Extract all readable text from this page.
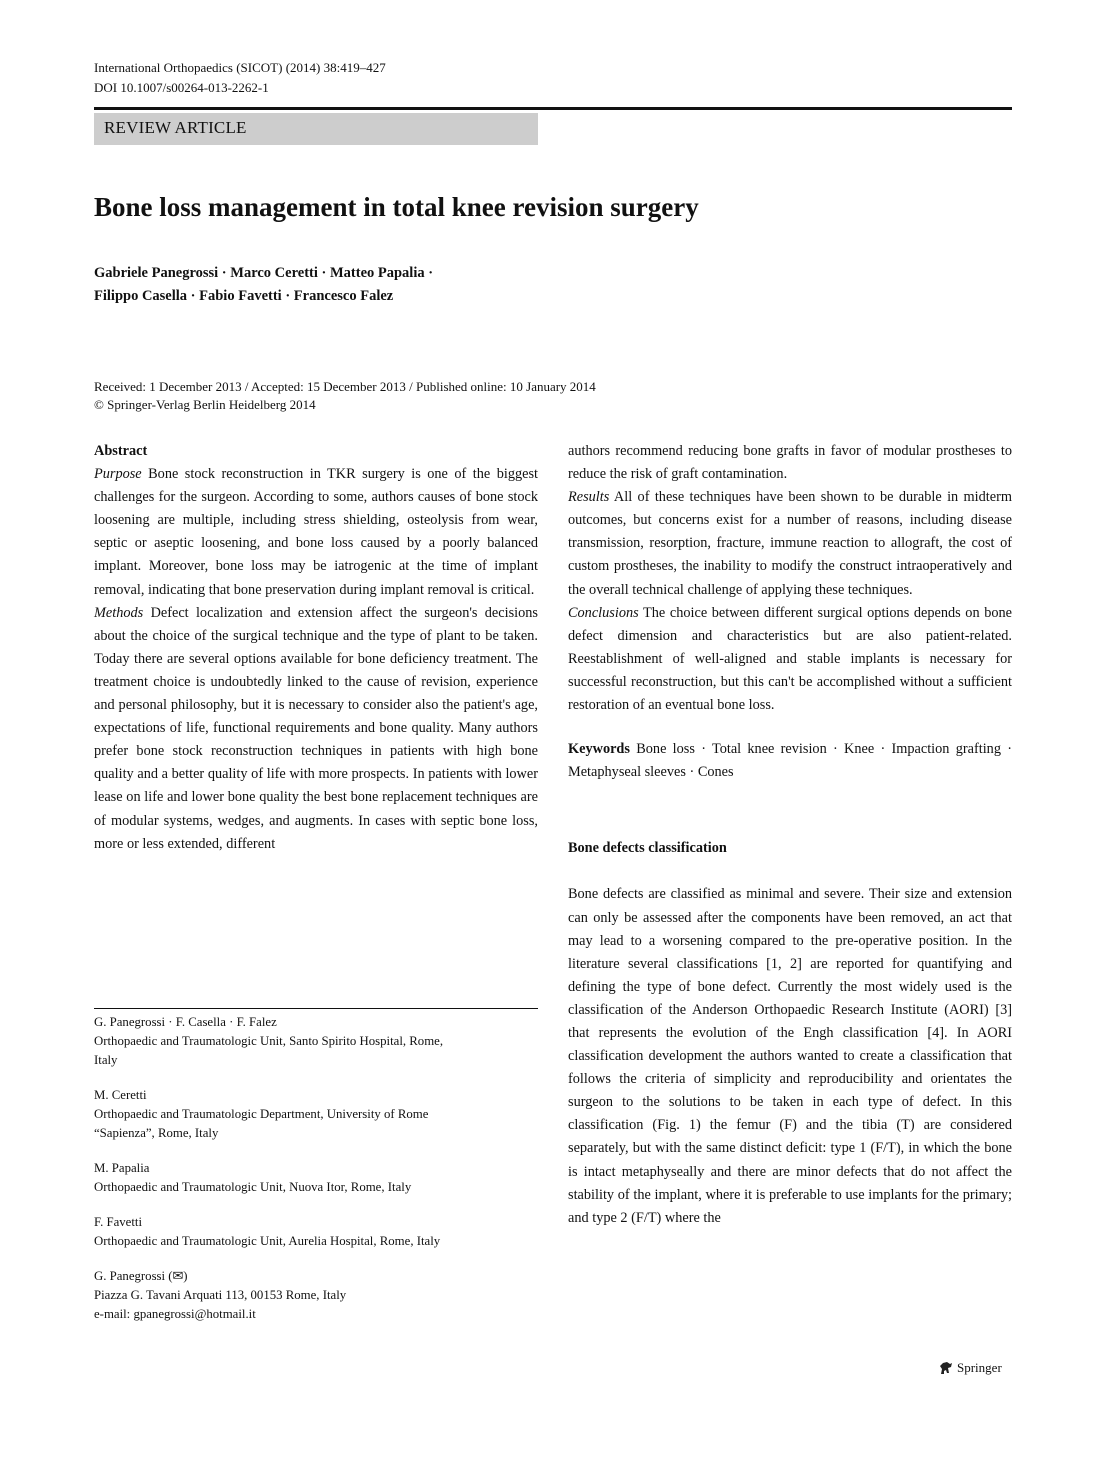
International Orthopaedics (SICOT) (2014) 38:419–427
DOI 10.1007/s00264-013-2262-1
REVIEW ARTICLE
Bone loss management in total knee revision surgery
Gabriele Panegrossi · Marco Ceretti · Matteo Papalia ·
Filippo Casella · Fabio Favetti · Francesco Falez
Received: 1 December 2013 / Accepted: 15 December 2013 / Published online: 10 January 2014
© Springer-Verlag Berlin Heidelberg 2014

Abstract

Purpose Bone stock reconstruction in TKR surgery is one of the biggest challenges for the surgeon. According to some, authors causes of bone stock loosening are multiple, including stress shielding, osteolysis from wear, septic or aseptic loosening, and bone loss caused by a poorly balanced implant. Moreover, bone loss may be iatrogenic at the time of implant removal, indicating that bone preservation during implant removal is critical.

Methods Defect localization and extension affect the surgeon's decisions about the choice of the surgical technique and the type of plant to be taken. Today there are several options available for bone deficiency treatment. The treatment choice is undoubtedly linked to the cause of revision, experience and personal philosophy, but it is necessary to consider also the patient's age, expectations of life, functional requirements and bone quality. Many authors prefer bone stock reconstruction techniques in patients with high bone quality and a better quality of life with more prospects. In patients with lower lease on life and lower bone quality the best bone replacement techniques are of modular systems, wedges, and augments. In cases with septic bone loss, more or less extended, different

authors recommend reducing bone grafts in favor of modular prostheses to reduce the risk of graft contamination.

Results All of these techniques have been shown to be durable in midterm outcomes, but concerns exist for a number of reasons, including disease transmission, resorption, fracture, immune reaction to allograft, the cost of custom prostheses, the inability to modify the construct intraoperatively and the overall technical challenge of applying these techniques.

Conclusions The choice between different surgical options depends on bone defect dimension and characteristics but are also patient-related. Reestablishment of well-aligned and stable implants is necessary for successful reconstruction, but this can't be accomplished without a sufficient restoration of an eventual bone loss.

Keywords Bone loss · Total knee revision · Knee · Impaction grafting · Metaphyseal sleeves · Cones

Bone defects classification

Bone defects are classified as minimal and severe. Their size and extension can only be assessed after the components have been removed, an act that may lead to a worsening compared to the pre-operative position. In the literature several classifications [1, 2] are reported for quantifying and defining the type of bone defect. Currently the most widely used is the classification of the Anderson Orthopaedic Research Institute (AORI) [3] that represents the evolution of the Engh classification [4]. In AORI classification development the authors wanted to create a classification that follows the criteria of simplicity and reproducibility and orientates the surgeon to the solutions to be taken in each type of defect. In this classification (Fig. 1) the femur (F) and the tibia (T) are considered separately, but with the same distinct deficit: type 1 (F/T), in which the bone is intact metaphyseally and there are minor defects that do not affect the stability of the implant, where it is preferable to use implants for the primary; and type 2 (F/T) where the

G. Panegrossi · F. Casella · F. Falez
Orthopaedic and Traumatologic Unit, Santo Spirito Hospital, Rome,
Italy
M. Ceretti
Orthopaedic and Traumatologic Department, University of Rome
“Sapienza”, Rome, Italy
M. Papalia
Orthopaedic and Traumatologic Unit, Nuova Itor, Rome, Italy
F. Favetti
Orthopaedic and Traumatologic Unit, Aurelia Hospital, Rome, Italy
G. Panegrossi (✉)
Piazza G. Tavani Arquati 113, 00153 Rome, Italy
e-mail: gpanegrossi@hotmail.it
Springer
